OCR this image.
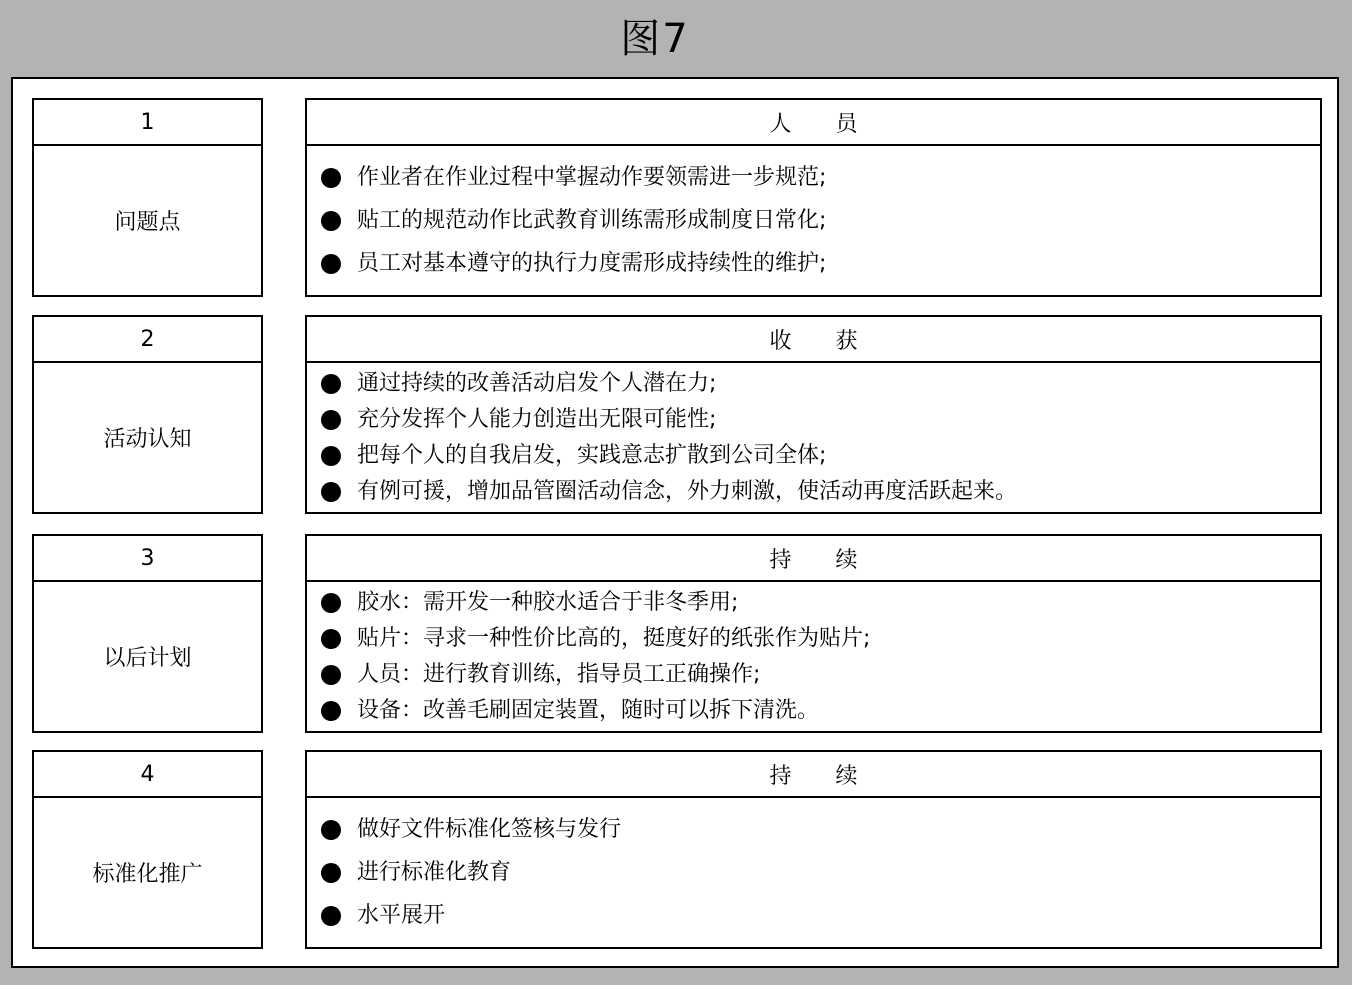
图7
1
问题点
人员
作业者在作业过程中掌握动作要领需进一步规范;
贴工的规范动作比武教育训练需形成制度日常化;
员工对基本遵守的执行力度需形成持续性的维护;
2
活动认知
收获
通过持续的改善活动启发个人潜在力;
充分发挥个人能力创造出无限可能性;
把每个人的自我启发，实践意志扩散到公司全体;
有例可援，增加品管圈活动信念，外力刺激，使活动再度活跃起来。
3
以后计划
持续
胶水：需开发一种胶水适合于非冬季用;
贴片：寻求一种性价比高的，挺度好的纸张作为贴片;
人员：进行教育训练，指导员工正确操作;
设备：改善毛刷固定装置，随时可以拆下清洗。
4
标准化推广
持续
做好文件标准化签核与发行
进行标准化教育
水平展开
